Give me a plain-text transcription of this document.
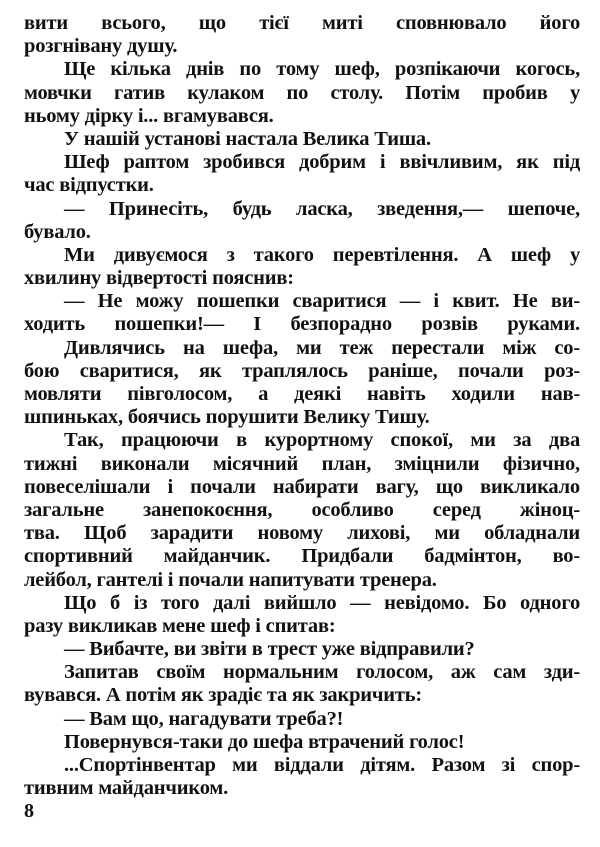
вити всього, що тієї миті сповнювало його
розгнівану душу.
Ще кілька днів по тому шеф, розпікаючи когось,
мовчки гатив кулаком по столу. Потім пробив у
ньому дірку і... вгамувався.
У нашій установі настала Велика Тиша.
Шеф раптом зробився добрим і ввічливим, як під
час відпустки.
— Принесіть, будь ласка, зведення,— шепоче,
бувало.
Ми дивуємося з такого перевтілення. А шеф у
хвилину відвертості пояснив:
— Не можу пошепки сваритися — і квит. Не ви-
ходить пошепки!— І безпорадно розвів руками.
Дивлячись на шефа, ми теж перестали між со-
бою сваритися, як траплялось раніше, почали роз-
мовляти півголосом, а деякі навіть ходили нав-
шпиньках, боячись порушити Велику Тишу.
Так, працюючи в курортному спокої, ми за два
тижні виконали місячний план, зміцнили фізично,
повеселішали і почали набирати вагу, що викликало
загальне занепокоєння, особливо серед жіноц-
тва. Щоб зарадити новому лихові, ми обладнали
спортивний майданчик. Придбали бадмінтон, во-
лейбол, гантелі і почали напитувати тренера.
Що б із того далі вийшло — невідомо. Бо одного
разу викликав мене шеф і спитав:
— Вибачте, ви звіти в трест уже відправили?
Запитав своїм нормальним голосом, аж сам зди-
вувався. А потім як зрадіє та як закричить:
— Вам що, нагадувати треба?!
Повернувся-таки до шефа втрачений голос!
...Спортінвентар ми віддали дітям. Разом зі спор-
тивним майданчиком.
8
